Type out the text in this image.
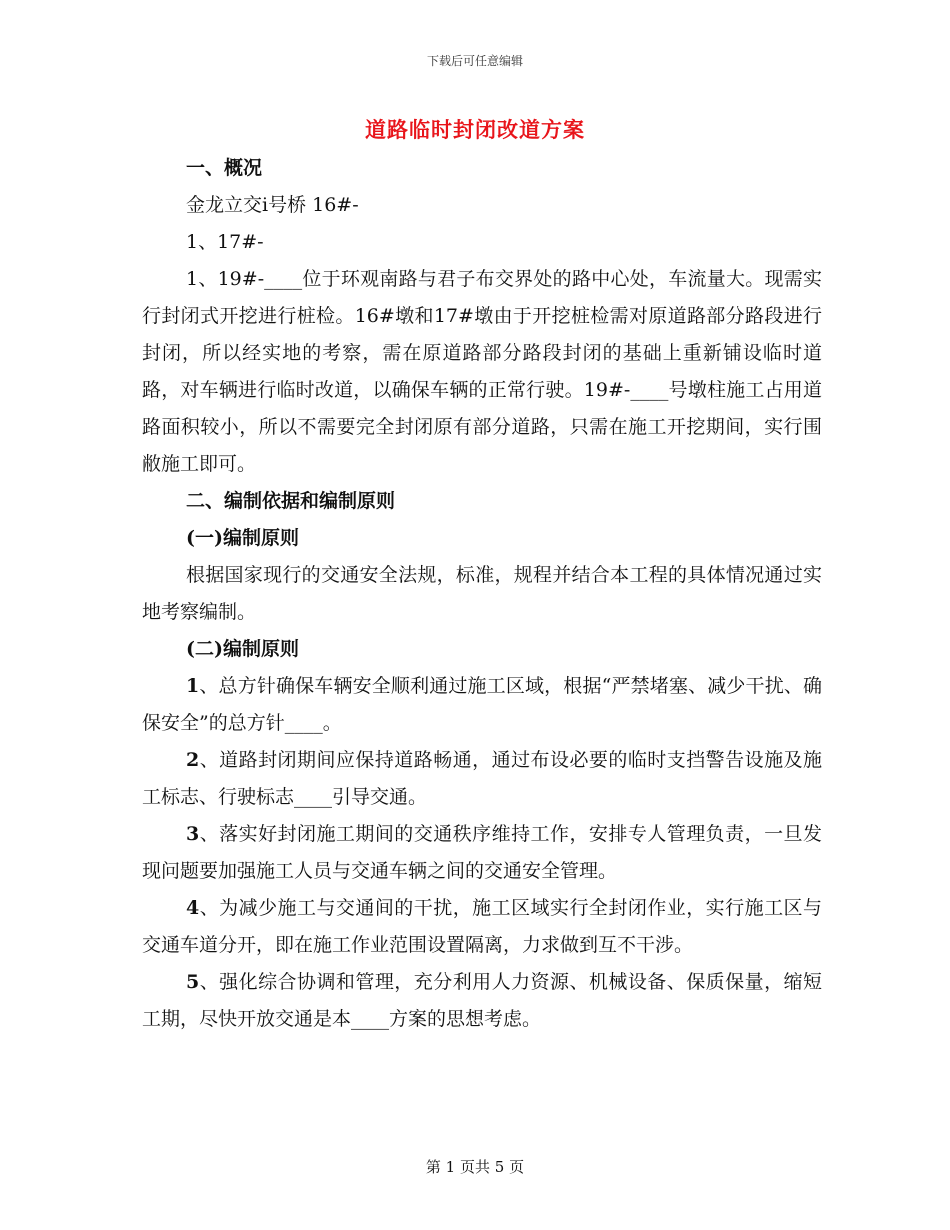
下载后可任意编辑
道路临时封闭改道方案

一、概况

金龙立交ⅰ号桥 16#-

1、17#-

1、19#-____位于环观南路与君子布交界处的路中心处，车流量大。现需实行封闭式开挖进行桩检。16#墩和17#墩由于开挖桩检需对原道路部分路段进行封闭，所以经实地的考察，需在原道路部分路段封闭的基础上重新铺设临时道路，对车辆进行临时改道，以确保车辆的正常行驶。19#-____号墩柱施工占用道路面积较小，所以不需要完全封闭原有部分道路，只需在施工开挖期间，实行围敝施工即可。

二、编制依据和编制原则

(一)编制原则

根据国家现行的交通安全法规，标准，规程并结合本工程的具体情况通过实地考察编制。

(二)编制原则

1、总方针确保车辆安全顺利通过施工区域，根据“严禁堵塞、减少干扰、确保安全”的总方针____。

2、道路封闭期间应保持道路畅通，通过布设必要的临时支挡警告设施及施工标志、行驶标志____引导交通。

3、落实好封闭施工期间的交通秩序维持工作，安排专人管理负责，一旦发现问题要加强施工人员与交通车辆之间的交通安全管理。

4、为减少施工与交通间的干扰，施工区域实行全封闭作业，实行施工区与交通车道分开，即在施工作业范围设置隔离，力求做到互不干涉。

5、强化综合协调和管理，充分利用人力资源、机械设备、保质保量，缩短工期，尽快开放交通是本____方案的思想考虑。

第 1 页共 5 页
